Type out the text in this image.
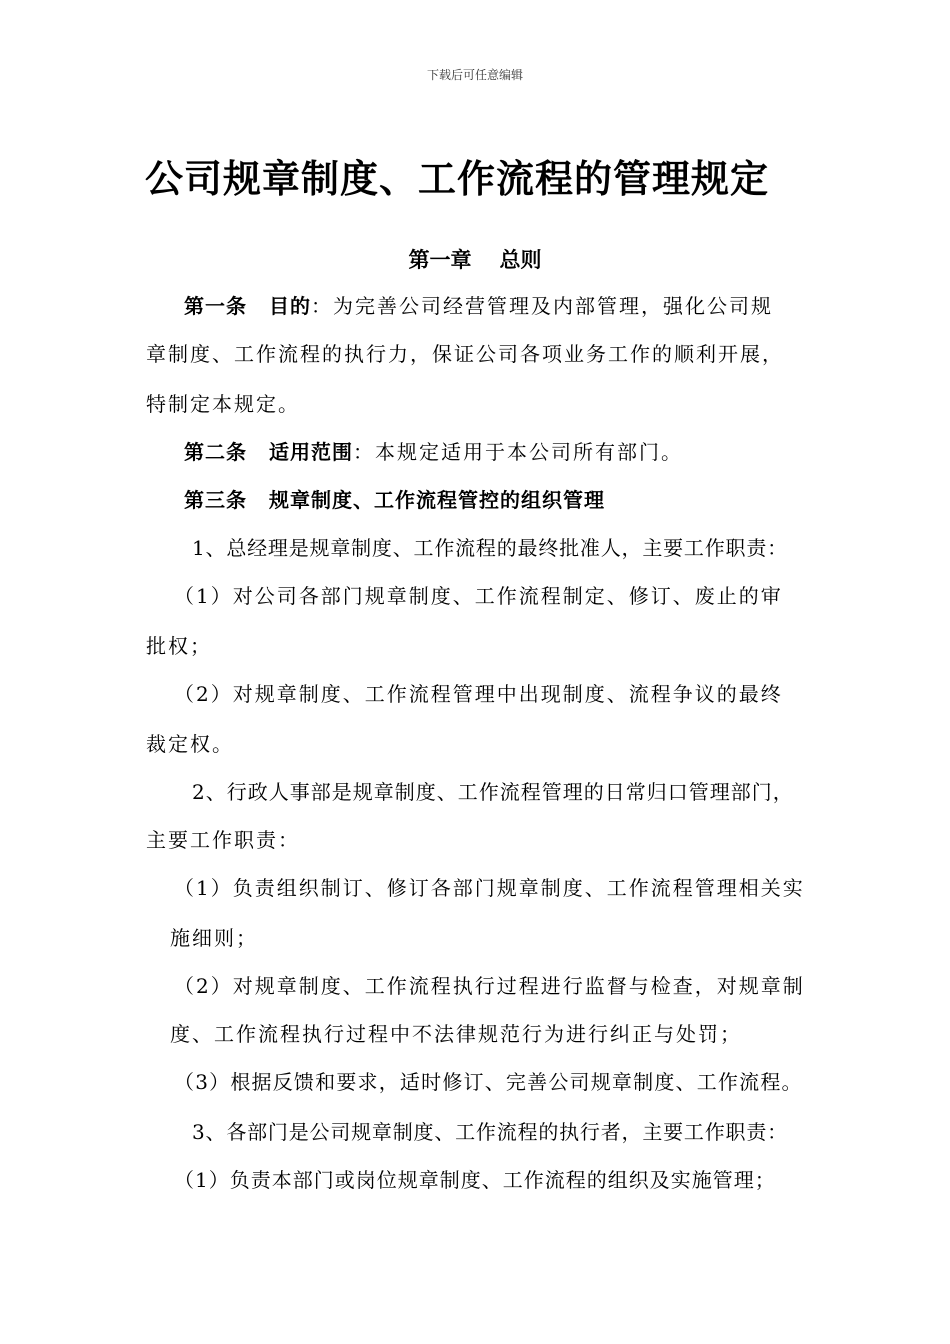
下载后可任意编辑
公司规章制度、工作流程的管理规定
第一章 总则
第一条 目的：为完善公司经营管理及内部管理，强化公司规
章制度、工作流程的执行力，保证公司各项业务工作的顺利开展，
特制定本规定。
第二条 适用范围：本规定适用于本公司所有部门。
第三条 规章制度、工作流程管控的组织管理
1、总经理是规章制度、工作流程的最终批准人，主要工作职责：
（1）对公司各部门规章制度、工作流程制定、修订、废止的审
批权；
（2）对规章制度、工作流程管理中出现制度、流程争议的最终
裁定权。
2、行政人事部是规章制度、工作流程管理的日常归口管理部门，
主要工作职责：
（1）负责组织制订、修订各部门规章制度、工作流程管理相关实
施细则；
（2）对规章制度、工作流程执行过程进行监督与检查，对规章制
度、工作流程执行过程中不法律规范行为进行纠正与处罚；
（3）根据反馈和要求，适时修订、完善公司规章制度、工作流程。
3、各部门是公司规章制度、工作流程的执行者，主要工作职责：
（1）负责本部门或岗位规章制度、工作流程的组织及实施管理；
